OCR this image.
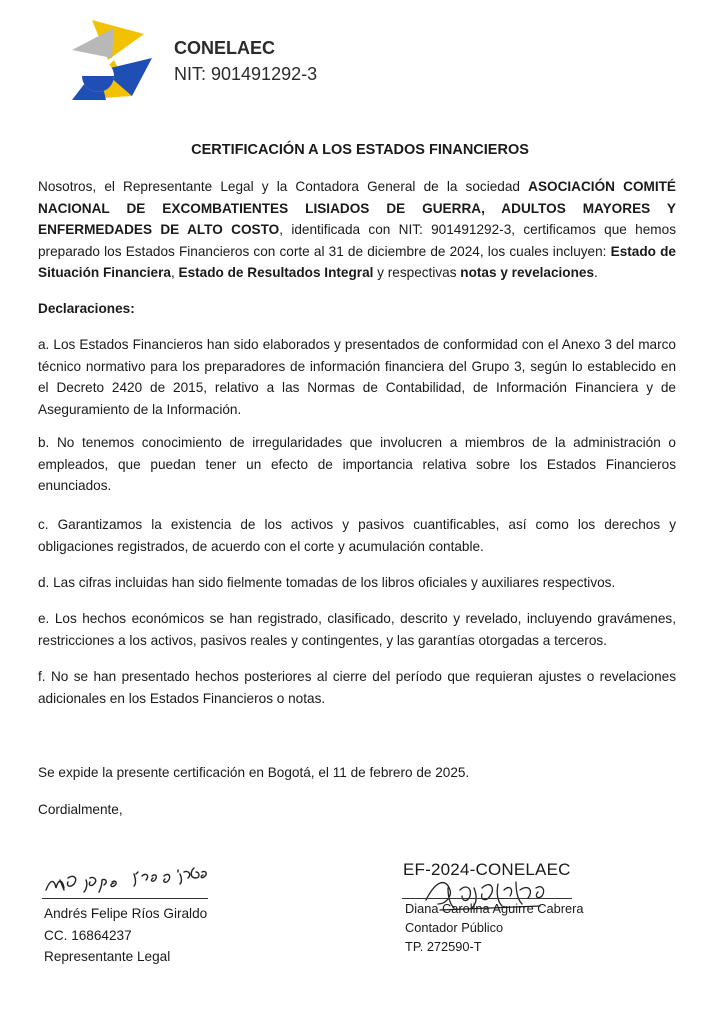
CONELAEC
NIT: 901491292-3
CERTIFICACIÓN A LOS ESTADOS FINANCIEROS
Nosotros, el Representante Legal y la Contadora General de la sociedad ASOCIACIÓN COMITÉ NACIONAL DE EXCOMBATIENTES LISIADOS DE GUERRA, ADULTOS MAYORES Y ENFERMEDADES DE ALTO COSTO, identificada con NIT: 901491292-3, certificamos que hemos preparado los Estados Financieros con corte al 31 de diciembre de 2024, los cuales incluyen: Estado de Situación Financiera, Estado de Resultados Integral y respectivas notas y revelaciones.
Declaraciones:
a. Los Estados Financieros han sido elaborados y presentados de conformidad con el Anexo 3 del marco técnico normativo para los preparadores de información financiera del Grupo 3, según lo establecido en el Decreto 2420 de 2015, relativo a las Normas de Contabilidad, de Información Financiera y de Aseguramiento de la Información.
b. No tenemos conocimiento de irregularidades que involucren a miembros de la administración o empleados, que puedan tener un efecto de importancia relativa sobre los Estados Financieros enunciados.
c. Garantizamos la existencia de los activos y pasivos cuantificables, así como los derechos y obligaciones registrados, de acuerdo con el corte y acumulación contable.
d. Las cifras incluidas han sido fielmente tomadas de los libros oficiales y auxiliares respectivos.
e. Los hechos económicos se han registrado, clasificado, descrito y revelado, incluyendo gravámenes, restricciones a los activos, pasivos reales y contingentes, y las garantías otorgadas a terceros.
f. No se han presentado hechos posteriores al cierre del período que requieran ajustes o revelaciones adicionales en los Estados Financieros o notas.
Se expide la presente certificación en Bogotá, el 11 de febrero de 2025.
Cordialmente,
Andrés Felipe Ríos Giraldo
CC. 16864237
Representante Legal
EF-2024-CONELAEC
Diana Carolina Aguirre Cabrera
Contador Público
TP. 272590-T
